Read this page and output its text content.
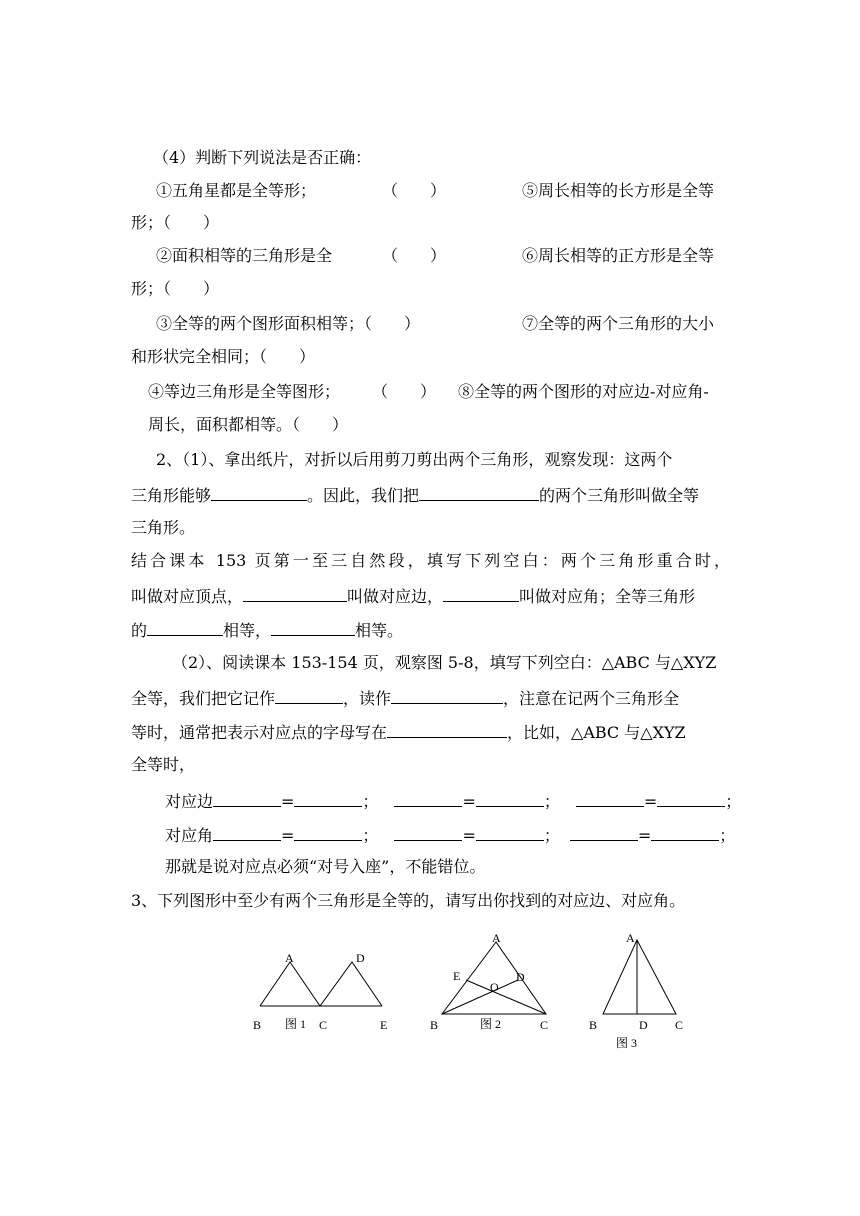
（4）判断下列说法是否正确：
①五角星都是全等形；	（　　）	⑤周长相等的长方形是全等
形；（　　）
②面积相等的三角形是全	（　　）	⑥周长相等的正方形是全等
形；（　　）
③全等的两个图形面积相等；（　　）	⑦全等的两个三角形的大小
和形状完全相同；（　　）
④等边三角形是全等图形； （　　） ⑧全等的两个图形的对应边-对应角-
周长，面积都相等。（　　）
2、（1）、拿出纸片，对折以后用剪刀剪出两个三角形，观察发现：这两个
三角形能够	。因此，我们把	的两个三角形叫做全等
三角形。
结合课本 153 页第一至三自然段，填写下列空白：两个三角形重合时，
叫做对应顶点，	叫做对应边，	叫做对应角；全等三角形
的	相等，	相等。
（2）、阅读课本 153-154 页，观察图 5-8，填写下列空白：△ABC 与△XYZ
全等，我们把它记作	，读作	，注意在记两个三角形全
等时，通常把表示对应点的字母写在	，比如，△ABC 与△XYZ
全等时，
对应边	=	；	=	；	=	；
对应角	=	；	=	；	=	；
那就是说对应点必须“对号入座”，不能错位。
3、下列图形中至少有两个三角形是全等的，请写出你找到的对应边、对应角。
A	D
B 图 1 C	E
A
E	D
O
B	图 2	C
A
B	D C
图 3
